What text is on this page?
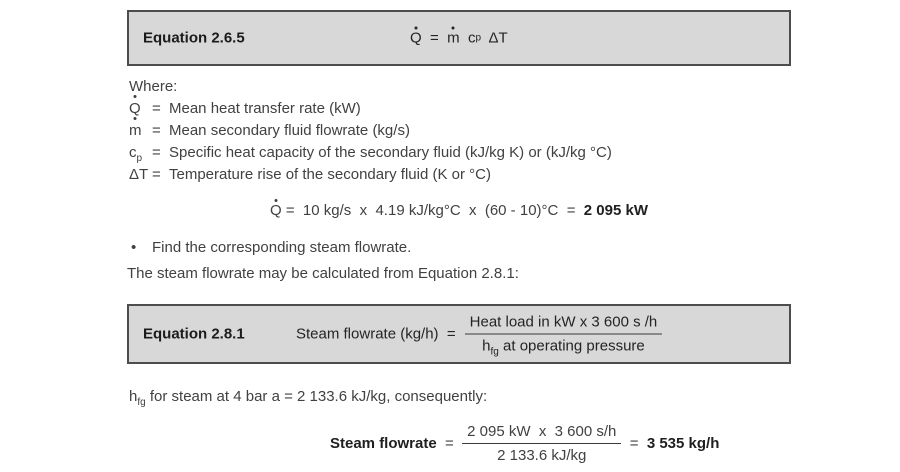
Equation 2.6.5	Q = m c p ΔT
Where:
Q = Mean heat transfer rate (kW)
m = Mean secondary fluid flowrate (kg/s)
$c_p$ = Specific heat capacity of the secondary fluid (kJ/kg K) or (kJ/kg °C)
ΔT = Temperature rise of the secondary fluid (K or °C)
Q =  10 kg/s  x  4.19 kJ/kg°C  x  (60 - 10)°C  = 2 095 kW
•	Find the corresponding steam flowrate.
The steam flowrate may be calculated from Equation 2.8.1:
Equation 2.8.1	Steam flowrate $(kg/h) = \frac{\text{Heat load in kW x 3 600 s /h}}{h_{fg} at operating pressure}$
$h_{fg}$ for steam at 4 bar a = 2 133.6 kJ/kg, consequently:
Steam flowrate = $\frac{\text{2 095 kW  x  3 600 s/h}}{2 133.6 kJ/kg} = 3$ 535 kg/h
